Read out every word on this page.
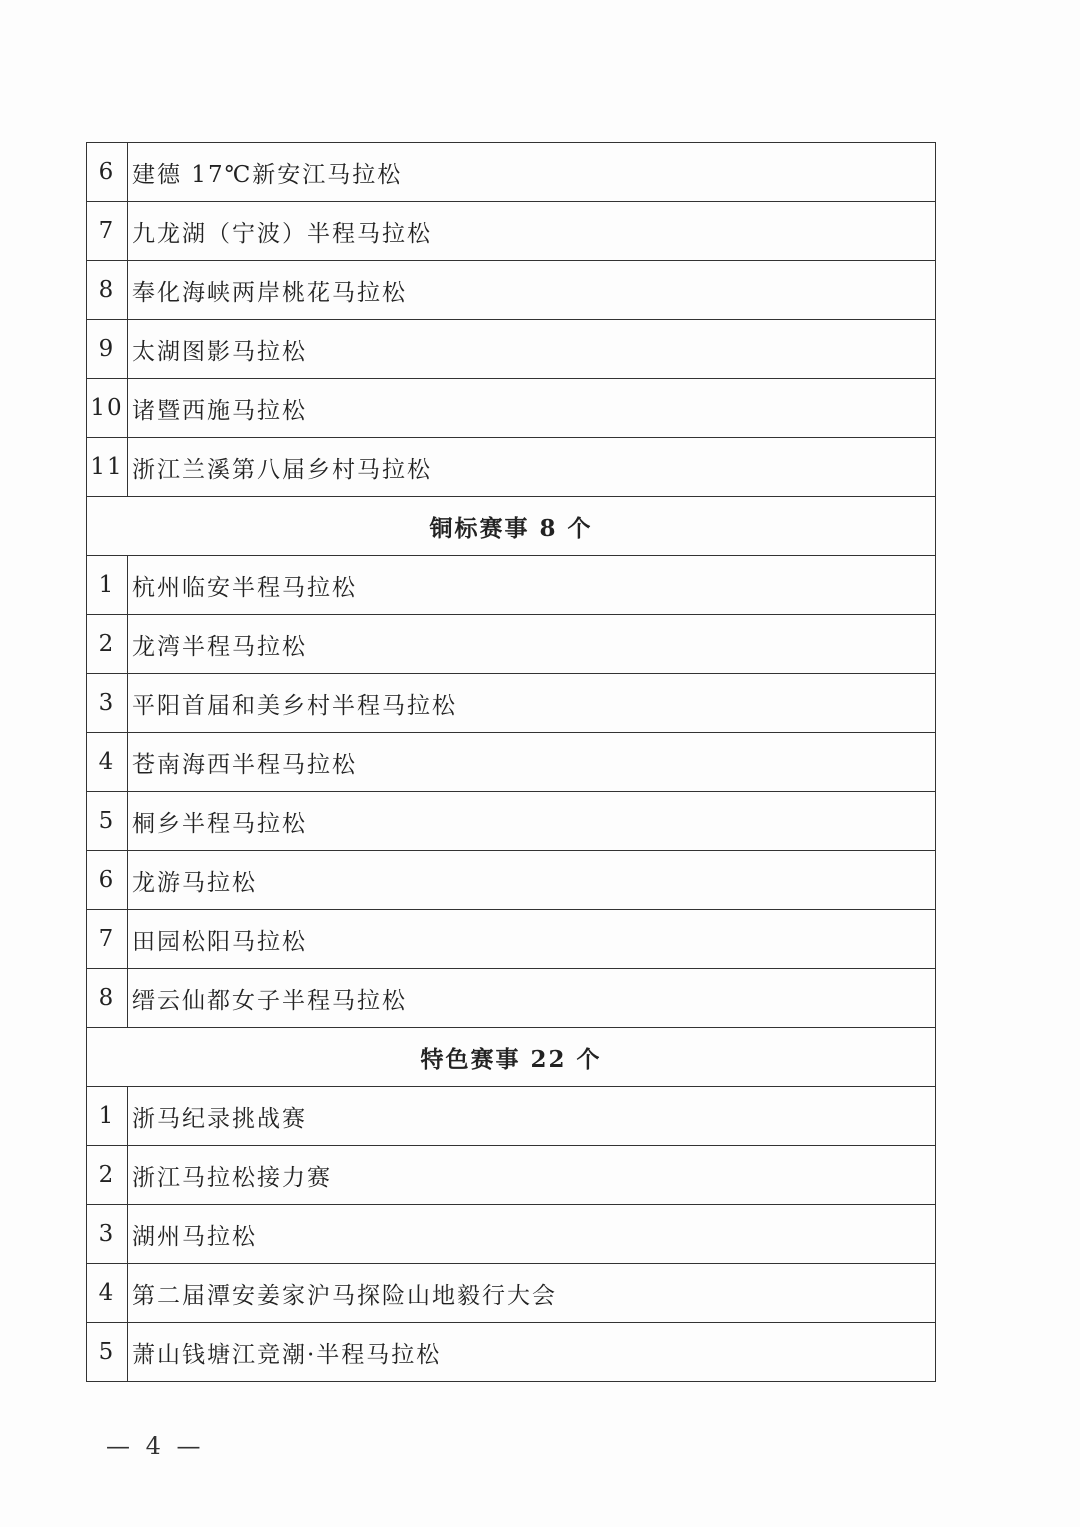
6	建德 17℃新安江马拉松
7	九龙湖（宁波）半程马拉松
8	奉化海峡两岸桃花马拉松
9	太湖图影马拉松
10	诸暨西施马拉松
11	浙江兰溪第八届乡村马拉松
铜标赛事 8 个	
1	杭州临安半程马拉松
2	龙湾半程马拉松
3	平阳首届和美乡村半程马拉松
4	苍南海西半程马拉松
5	桐乡半程马拉松
6	龙游马拉松
7	田园松阳马拉松
8	缙云仙都女子半程马拉松
特色赛事 22 个	
1	浙马纪录挑战赛
2	浙江马拉松接力赛
3	湖州马拉松
4	第二届潭安姜家沪马探险山地毅行大会
5	萧山钱塘江竞潮·半程马拉松
— 4 —
